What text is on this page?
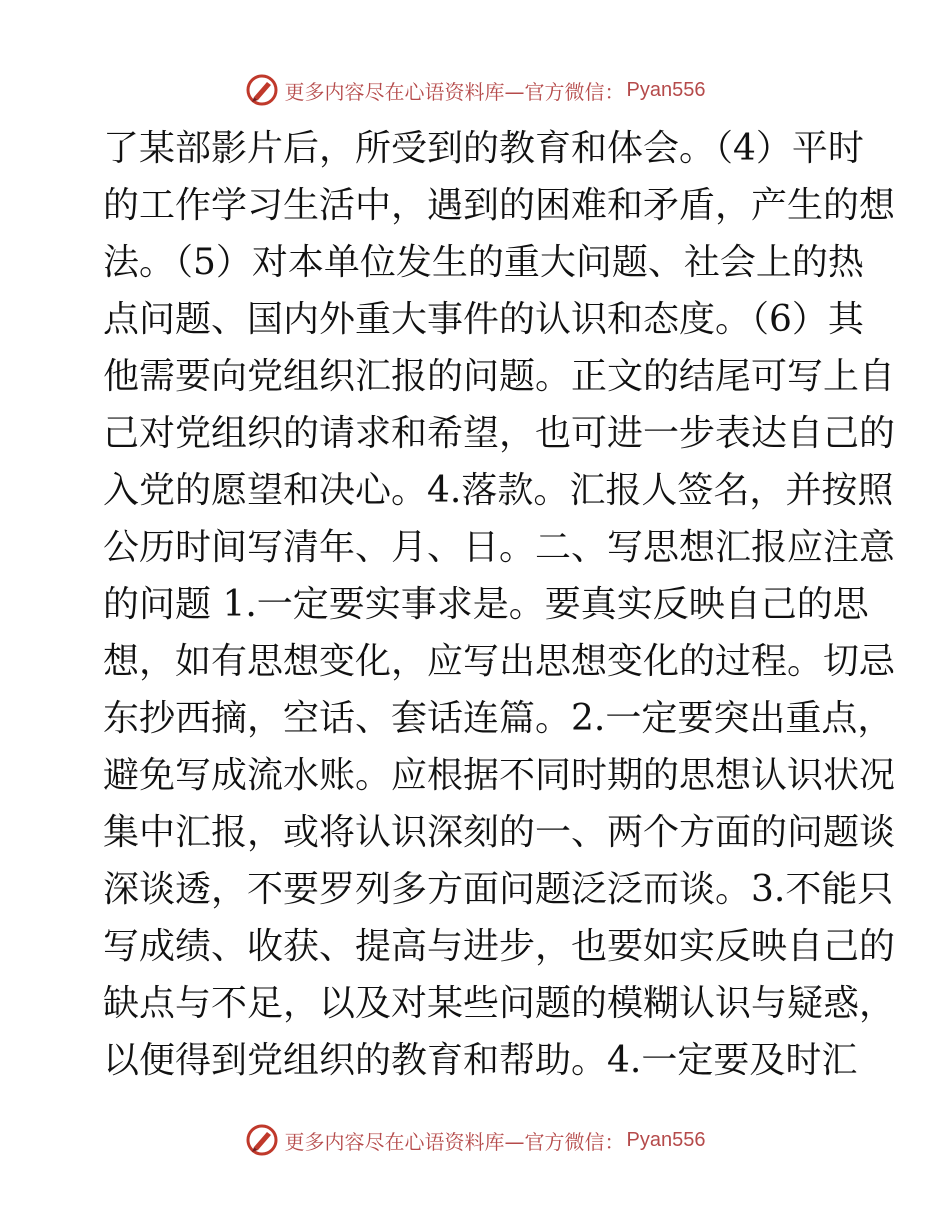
更多内容尽在心语资料库—官方微信： Pyan556
了某部影片后，所受到的教育和体会。（4）平时
的工作学习生活中，遇到的困难和矛盾，产生的想
法。（5）对本单位发生的重大问题、社会上的热
点问题、国内外重大事件的认识和态度。（6）其
他需要向党组织汇报的问题。正文的结尾可写上自
己对党组织的请求和希望，也可进一步表达自己的
入党的愿望和决心。4.落款。汇报人签名，并按照
公历时间写清年、月、日。二、写思想汇报应注意
的问题 1.一定要实事求是。要真实反映自己的思
想，如有思想变化，应写出思想变化的过程。切忌
东抄西摘，空话、套话连篇。2.一定要突出重点，
避免写成流水账。应根据不同时期的思想认识状况
集中汇报，或将认识深刻的一、两个方面的问题谈
深谈透，不要罗列多方面问题泛泛而谈。3.不能只
写成绩、收获、提高与进步，也要如实反映自己的
缺点与不足，以及对某些问题的模糊认识与疑惑，
以便得到党组织的教育和帮助。4.一定要及时汇
更多内容尽在心语资料库—官方微信： Pyan556
